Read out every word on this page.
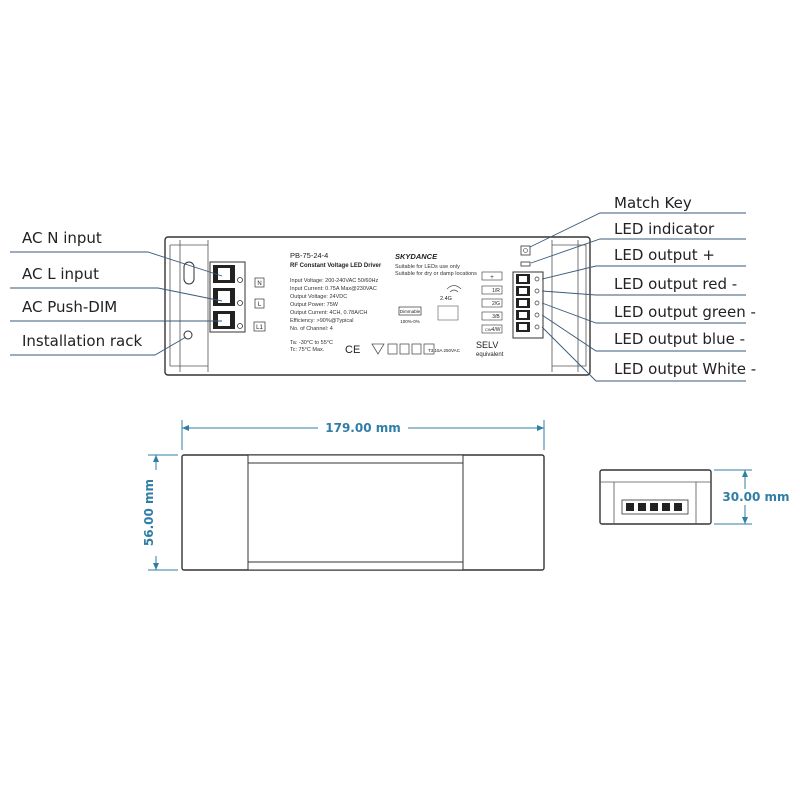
N
L
L1
PB-75-24-4
RF Constant Voltage LED Driver
SKYDANCE
Suitable for LEDs use only
Suitable for dry or damp locations
Input Voltage: 200-240VAC 50/60Hz
Input Current: 0.75A Max@230VAC
Output Voltage: 24VDC
Output Power: 75W
Output Current: 4CH, 0.78A/CH
Efficiency: >90%@Typical
No. of Channel: 4
Ta: -30°C to 55°C
Tc: 75°C Max.
Dimmable
100%-0%
2.4G
CE	T3.15A 250VAC
SELV
equivalent
+
1/R
2/G
3/B
4/W
CW
AC N input
AC L input
AC Push-DIM
Installation rack
Match Key
LED indicator
LED output +
LED output red -
LED output green -
LED output blue -
LED output White -
179.00 mm
56.00 mm	30.00 mm
